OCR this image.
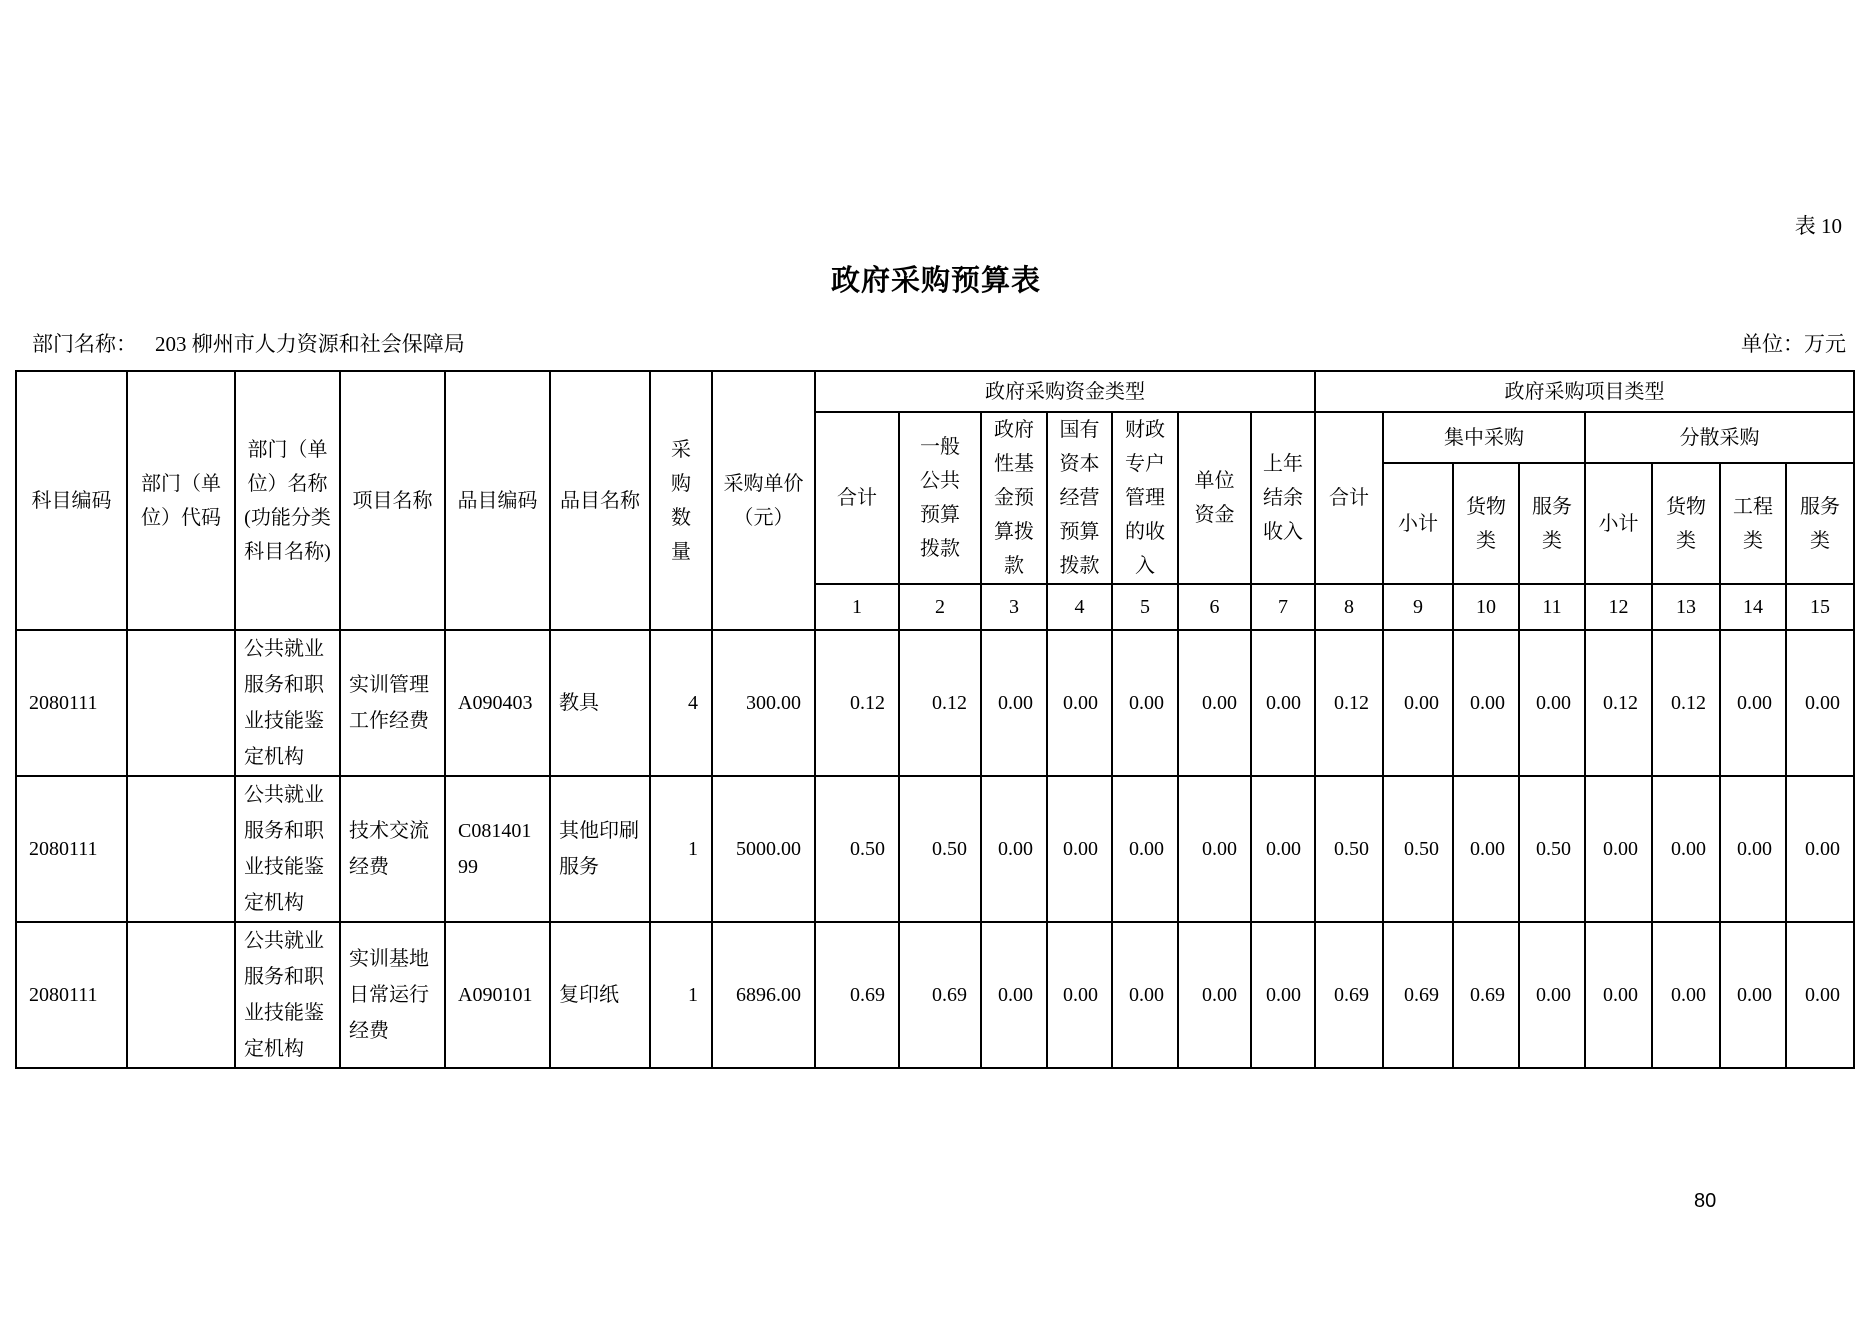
表 10
政府采购预算表
部门名称： 203 柳州市人力资源和社会保障局	单位：万元
科目编码	部门（单位）代码	部门（单位）名称(功能分类科目名称)	项目名称	品目编码	品目名称	采购数量	采购单价（元）	政府采购资金类型							政府采购项目类型							
								合计	一般公共预算拨款	政府性基金预算拨款	国有资本经营预算拨款	财政专户管理的收入	单位资金	上年结余收入	合计	集中采购			分散采购			
																小计	货物类	服务类	小计	货物类	工程类	服务类
								1	2	3	4	5	6	7	8	9	10	11	12	13	14	15
2080111		公共就业服务和职业技能鉴定机构	实训管理工作经费	A090403	教具	4	300.00	0.12	0.12	0.00	0.00	0.00	0.00	0.00	0.12	0.00	0.00	0.00	0.12	0.12	0.00	0.00
2080111		公共就业服务和职业技能鉴定机构	技术交流经费	C08140199	其他印刷服务	1	5000.00	0.50	0.50	0.00	0.00	0.00	0.00	0.00	0.50	0.50	0.00	0.50	0.00	0.00	0.00	0.00
2080111		公共就业服务和职业技能鉴定机构	实训基地日常运行经费	A090101	复印纸	1	6896.00	0.69	0.69	0.00	0.00	0.00	0.00	0.00	0.69	0.69	0.69	0.00	0.00	0.00	0.00	0.00
80
